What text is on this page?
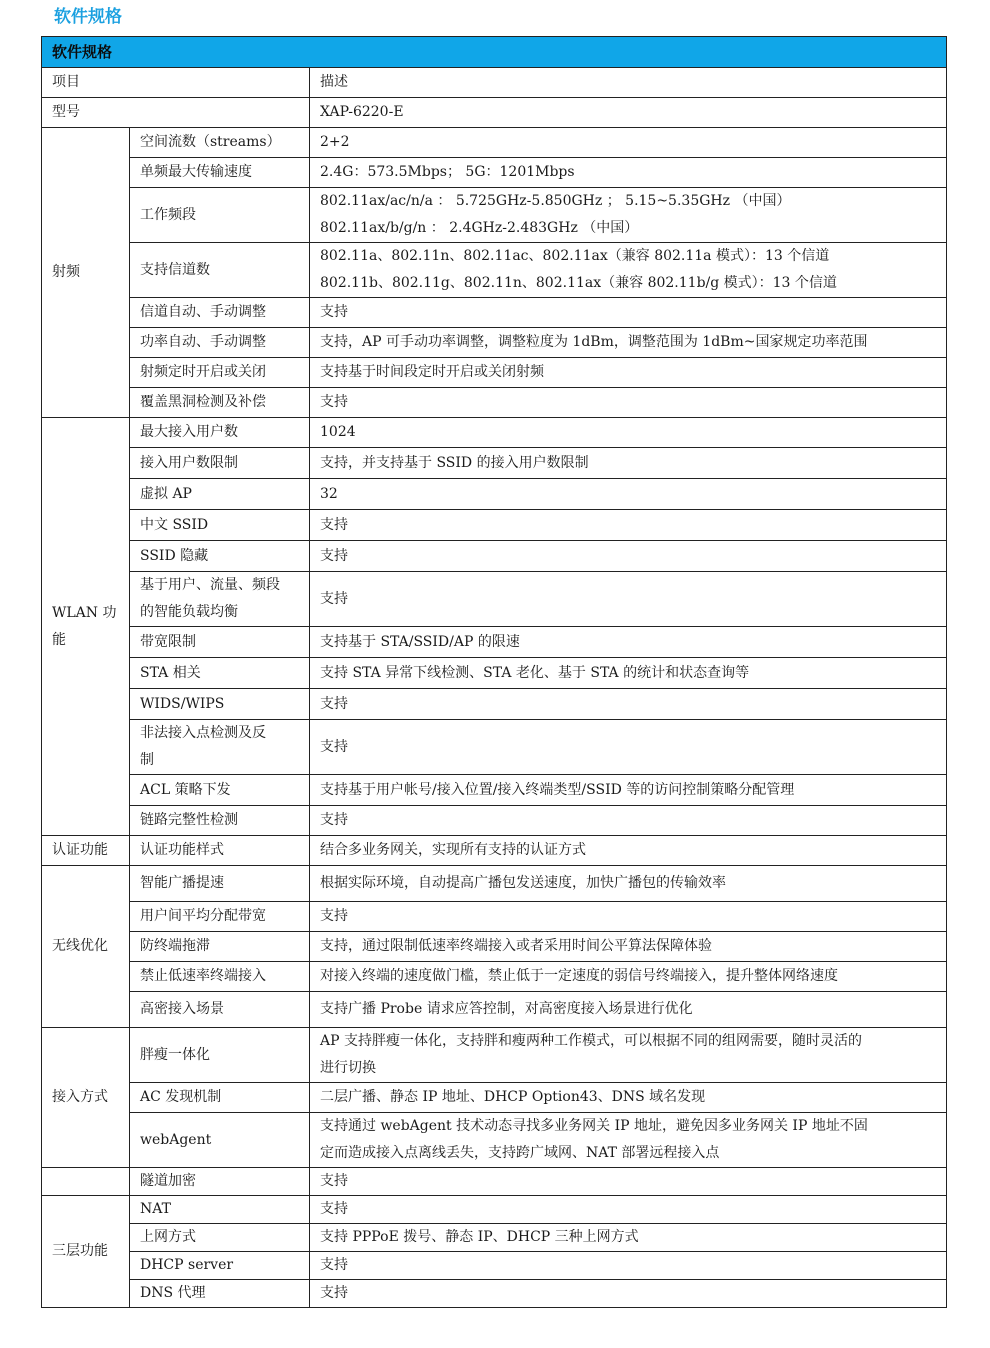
软件规格
软件规格		
项目		描述
型号		XAP-6220-E
射频	空间流数（streams）	2+2
	单频最大传输速度	2.4G：573.5Mbps； 5G：1201Mbps
	工作频段	802.11ax/ac/n/a ： 5.725GHz-5.850GHz ； 5.15~5.35GHz （中国）
802.11ax/b/g/n ： 2.4GHz-2.483GHz （中国）
	支持信道数	802.11a、802.11n、802.11ac、802.11ax（兼容 802.11a 模式）：13 个信道
802.11b、802.11g、802.11n、802.11ax（兼容 802.11b/g 模式）：13 个信道
	信道自动、手动调整	支持
	功率自动、手动调整	支持，AP 可手动功率调整，调整粒度为 1dBm，调整范围为 1dBm~国家规定功率范围
	射频定时开启或关闭	支持基于时间段定时开启或关闭射频
	覆盖黑洞检测及补偿	支持
WLAN 功能	最大接入用户数	1024
	接入用户数限制	支持，并支持基于 SSID 的接入用户数限制
	虚拟 AP	32
	中文 SSID	支持
	SSID 隐藏	支持
	基于用户、流量、频段
的智能负载均衡	支持
	带宽限制	支持基于 STA/SSID/AP 的限速
	STA 相关	支持 STA 异常下线检测、STA 老化、基于 STA 的统计和状态查询等
	WIDS/WIPS	支持
	非法接入点检测及反
制	支持
	ACL 策略下发	支持基于用户帐号/接入位置/接入终端类型/SSID 等的访问控制策略分配管理
	链路完整性检测	支持
认证功能	认证功能样式	结合多业务网关，实现所有支持的认证方式
无线优化	智能广播提速	根据实际环境，自动提高广播包发送速度，加快广播包的传输效率
	用户间平均分配带宽	支持
	防终端拖滞	支持，通过限制低速率终端接入或者采用时间公平算法保障体验
	禁止低速率终端接入	对接入终端的速度做门槛，禁止低于一定速度的弱信号终端接入，提升整体网络速度
	高密接入场景	支持广播 Probe 请求应答控制，对高密度接入场景进行优化
接入方式	胖瘦一体化	AP 支持胖瘦一体化，支持胖和瘦两种工作模式，可以根据不同的组网需要，随时灵活的
进行切换
	AC 发现机制	二层广播、静态 IP 地址、DHCP Option43、DNS 域名发现
	webAgent	支持通过 webAgent 技术动态寻找多业务网关 IP 地址，避免因多业务网关 IP 地址不固
定而造成接入点离线丢失，支持跨广域网、NAT 部署远程接入点
	隧道加密	支持
三层功能	NAT	支持
	上网方式	支持 PPPoE 拨号、静态 IP、DHCP 三种上网方式
	DHCP server	支持
	DNS 代理	支持
